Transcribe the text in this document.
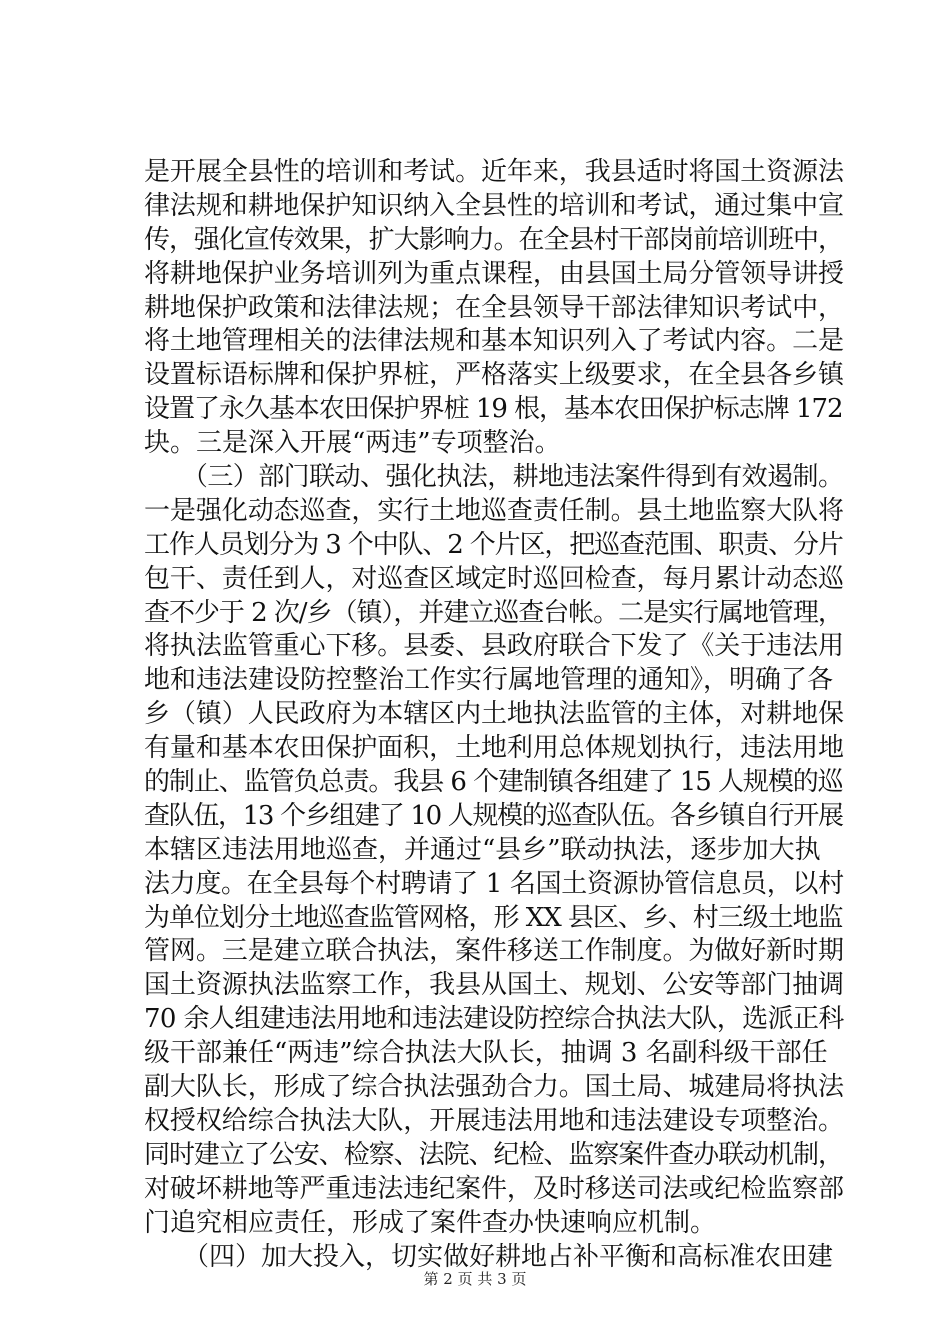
是开展全县性的培训和考试。近年来，我县适时将国土资源法
律法规和耕地保护知识纳入全县性的培训和考试，通过集中宣
传，强化宣传效果，扩大影响力。在全县村干部岗前培训班中，
将耕地保护业务培训列为重点课程，由县国土局分管领导讲授
耕地保护政策和法律法规；在全县领导干部法律知识考试中，
将土地管理相关的法律法规和基本知识列入了考试内容。二是
设置标语标牌和保护界桩，严格落实上级要求，在全县各乡镇
设置了永久基本农田保护界桩 19 根，基本农田保护标志牌 172
块。三是深入开展“两违”专项整治。
　　（三）部门联动、强化执法，耕地违法案件得到有效遏制。
一是强化动态巡查，实行土地巡查责任制。县土地监察大队将
工作人员划分为 3 个中队、2 个片区，把巡查范围、职责、分片
包干、责任到人，对巡查区域定时巡回检查，每月累计动态巡
查不少于 2 次/乡（镇），并建立巡查台帐。二是实行属地管理，
将执法监管重心下移。县委、县政府联合下发了《关于违法用
地和违法建设防控整治工作实行属地管理的通知》，明确了各
乡（镇）人民政府为本辖区内土地执法监管的主体，对耕地保
有量和基本农田保护面积，土地利用总体规划执行，违法用地
的制止、监管负总责。我县 6 个建制镇各组建了 15 人规模的巡
查队伍，13 个乡组建了 10 人规模的巡查队伍。各乡镇自行开展
本辖区违法用地巡查，并通过“县乡”联动执法，逐步加大执
法力度。在全县每个村聘请了 1 名国土资源协管信息员，以村
为单位划分土地巡查监管网格，形 XX 县区、乡、村三级土地监
管网。三是建立联合执法，案件移送工作制度。为做好新时期
国土资源执法监察工作，我县从国土、规划、公安等部门抽调
70 余人组建违法用地和违法建设防控综合执法大队，选派正科
级干部兼任“两违”综合执法大队长，抽调 3 名副科级干部任
副大队长，形成了综合执法强劲合力。国土局、城建局将执法
权授权给综合执法大队，开展违法用地和违法建设专项整治。
同时建立了公安、检察、法院、纪检、监察案件查办联动机制，
对破坏耕地等严重违法违纪案件，及时移送司法或纪检监察部
门追究相应责任，形成了案件查办快速响应机制。
　　（四）加大投入，切实做好耕地占补平衡和高标准农田建
第 2 页 共 3 页
